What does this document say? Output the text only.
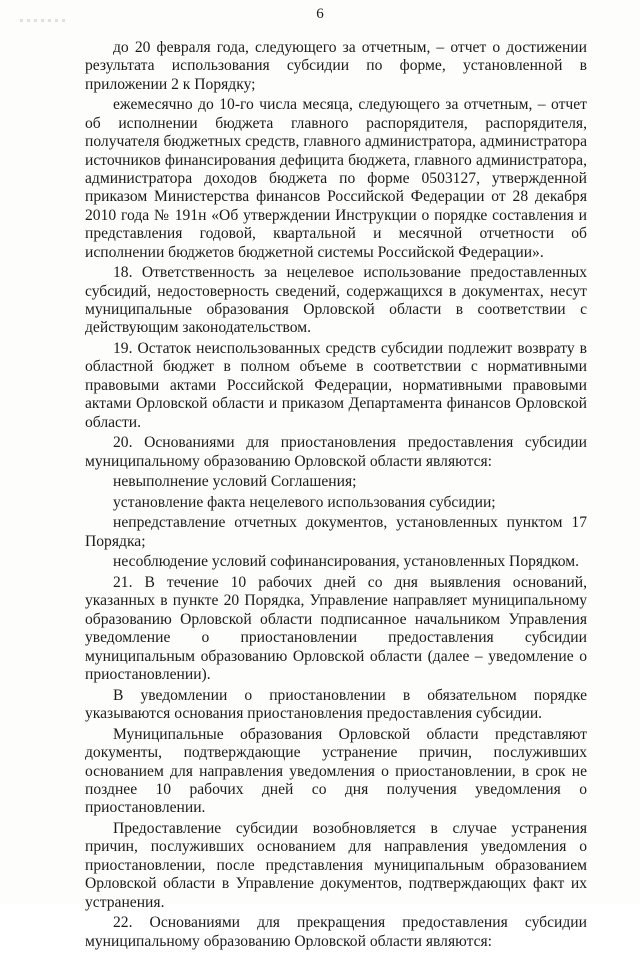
6

до 20 февраля года, следующего за отчетным, – отчет о достижении результата использования субсидии по форме, установленной в приложении 2 к Порядку;

ежемесячно до 10-го числа месяца, следующего за отчетным, – отчет об исполнении бюджета главного распорядителя, распорядителя, получателя бюджетных средств, главного администратора, администратора источников финансирования дефицита бюджета, главного администратора, администратора доходов бюджета по форме 0503127, утвержденной приказом Министерства финансов Российской Федерации от 28 декабря 2010 года № 191н «Об утверждении Инструкции о порядке составления и представления годовой, квартальной и месячной отчетности об исполнении бюджетов бюджетной системы Российской Федерации».

18. Ответственность за нецелевое использование предоставленных субсидий, недостоверность сведений, содержащихся в документах, несут муниципальные образования Орловской области в соответствии с действующим законодательством.

19. Остаток неиспользованных средств субсидии подлежит возврату в областной бюджет в полном объеме в соответствии с нормативными правовыми актами Российской Федерации, нормативными правовыми актами Орловской области и приказом Департамента финансов Орловской области.

20. Основаниями для приостановления предоставления субсидии муниципальному образованию Орловской области являются:

невыполнение условий Соглашения;

установление факта нецелевого использования субсидии;

непредставление отчетных документов, установленных пунктом 17 Порядка;

несоблюдение условий софинансирования, установленных Порядком.

21. В течение 10 рабочих дней со дня выявления оснований, указанных в пункте 20 Порядка, Управление направляет муниципальному образованию Орловской области подписанное начальником Управления уведомление о приостановлении предоставления субсидии муниципальным образованию Орловской области (далее – уведомление о приостановлении).

В уведомлении о приостановлении в обязательном порядке указываются основания приостановления предоставления субсидии.

Муниципальные образования Орловской области представляют документы, подтверждающие устранение причин, послуживших основанием для направления уведомления о приостановлении, в срок не позднее 10 рабочих дней со дня получения уведомления о приостановлении.

Предоставление субсидии возобновляется в случае устранения причин, послуживших основанием для направления уведомления о приостановлении, после представления муниципальным образованием Орловской области в Управление документов, подтверждающих факт их устранения.

22. Основаниями для прекращения предоставления субсидии муниципальному образованию Орловской области являются:
